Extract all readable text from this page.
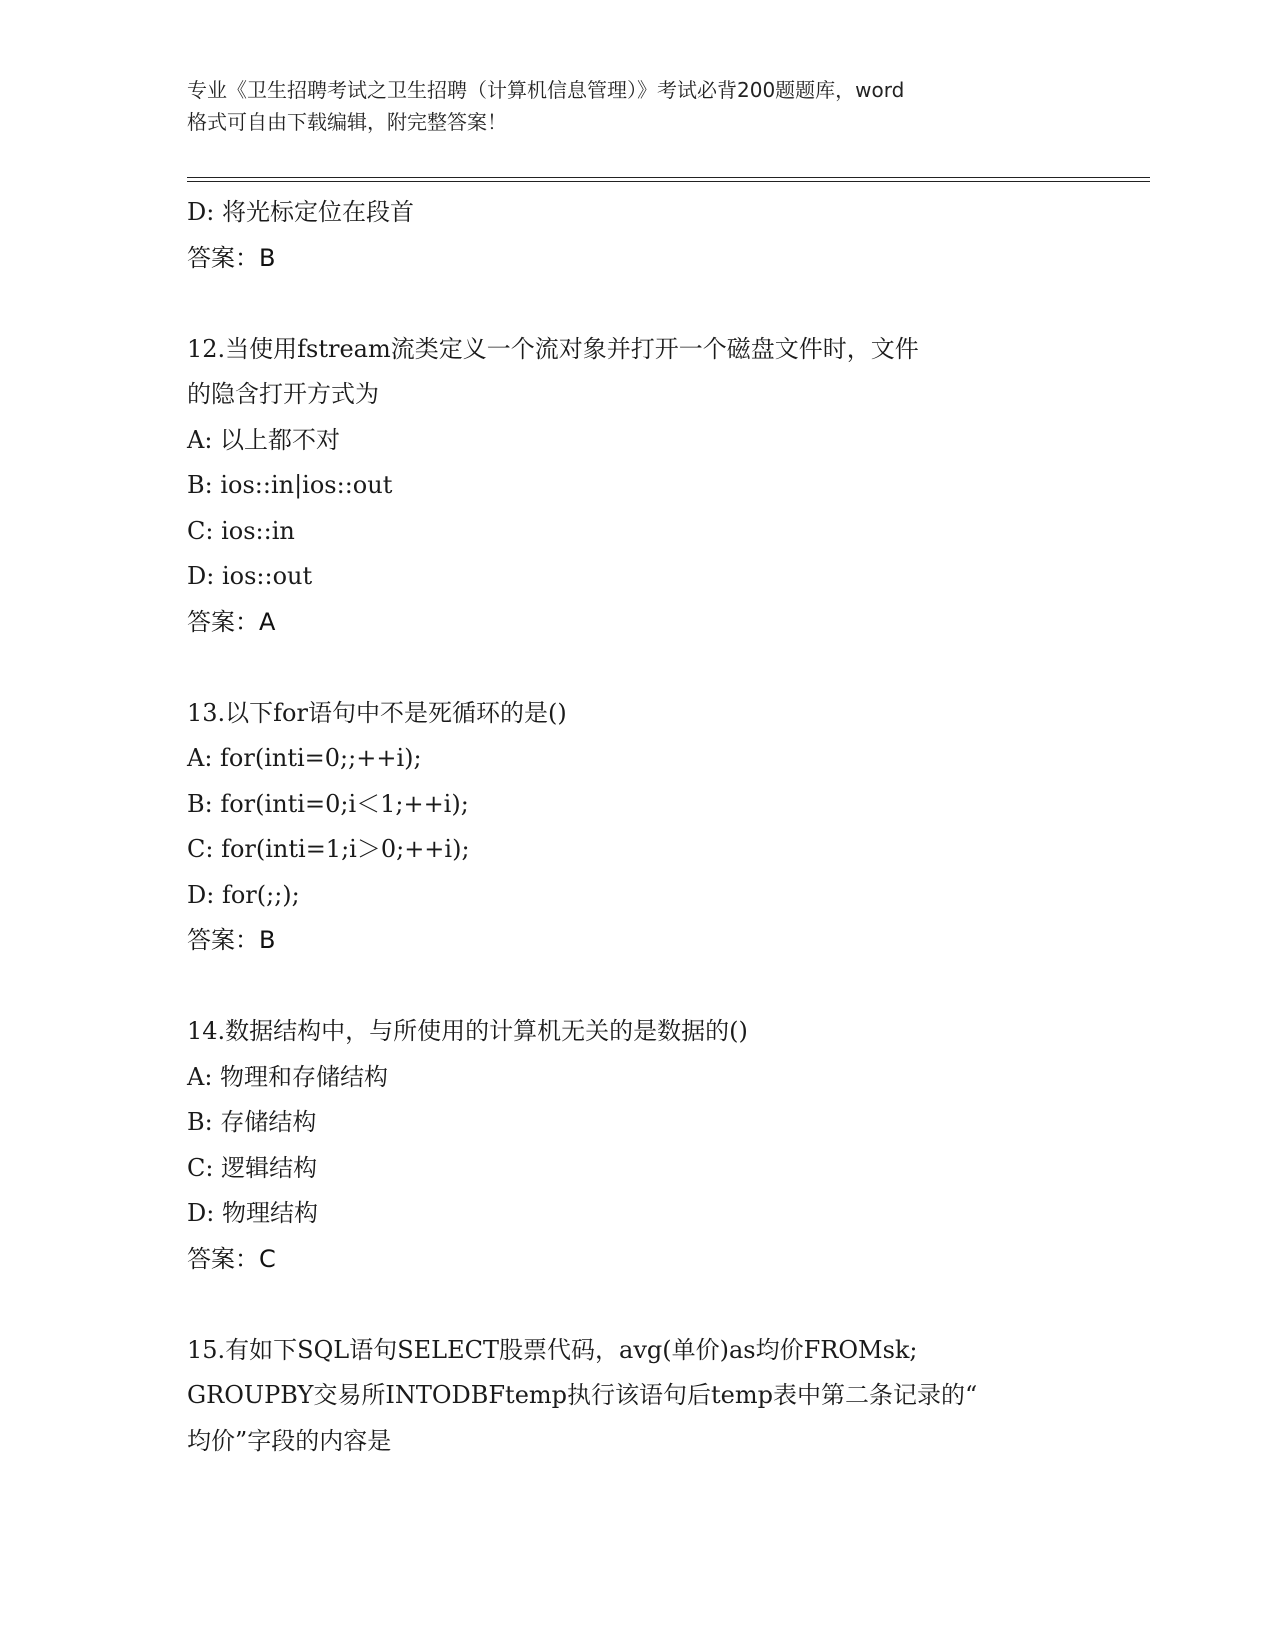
专业《卫生招聘考试之卫生招聘（计算机信息管理）》考试必背200题题库，word
格式可自由下载编辑，附完整答案！
D: 将光标定位在段首
答案：B
12.当使用fstream流类定义一个流对象并打开一个磁盘文件时，文件
的隐含打开方式为
A: 以上都不对
B: ios::in|ios::out
C: ios::in
D: ios::out
答案：A
13.以下for语句中不是死循环的是()
A: for(inti=0;;++i);
B: for(inti=0;i＜1;++i);
C: for(inti=1;i＞0;++i);
D: for(;;);
答案：B
14.数据结构中，与所使用的计算机无关的是数据的()
A: 物理和存储结构
B: 存储结构
C: 逻辑结构
D: 物理结构
答案：C
15.有如下SQL语句SELECT股票代码，avg(单价)as均价FROMsk;
GROUPBY交易所INTODBFtemp执行该语句后temp表中第二条记录的“
均价”字段的内容是
